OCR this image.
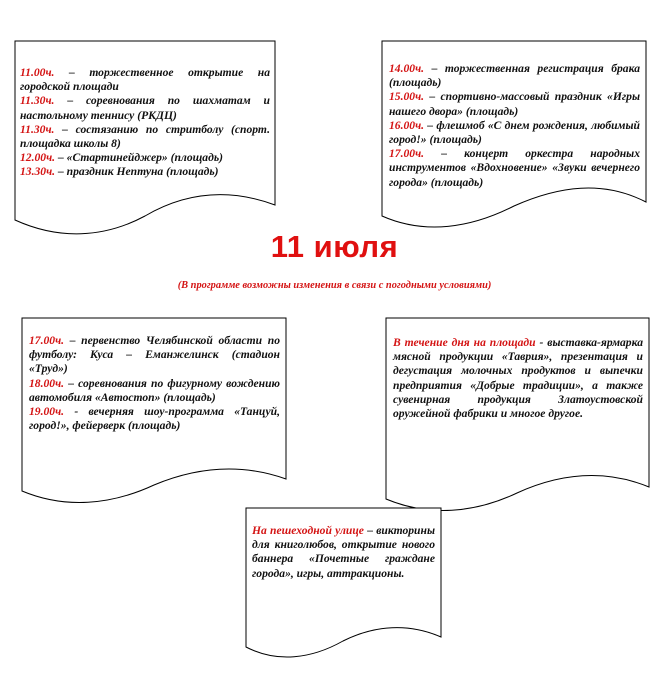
11.00ч. – торжественное открытие на городской площади
11.30ч. – соревнования по шахматам и настольному теннису (РКДЦ)
11.30ч. – состязанию по стритболу (спорт. площадка школы 8)
12.00ч. – «Стартинейджер» (площадь)
13.30ч. – праздник Нептуна (площадь)
14.00ч. – торжественная регистрация брака (площадь)
15.00ч. – спортивно-массовый праздник «Игры нашего двора» (площадь)
16.00ч. – флешмоб «С днем рождения, любимый город!» (площадь)
17.00ч. – концерт оркестра народных инструментов «Вдохновение» «Звуки вечернего города» (площадь)
11 июля
(В программе возможны изменения в связи с погодными условиями)
17.00ч. – первенство Челябинской области по футболу: Куса – Еманжелинск (стадион «Труд»)
18.00ч. – соревнования по фигурному вождению автомобиля «Автостоп» (площадь)
19.00ч. - вечерняя шоу-программа «Танцуй, город!», фейерверк (площадь)
В течение дня на площади - выставка-ярмарка мясной продукции «Таврия», презентация и дегустация молочных продуктов и выпечки предприятия «Добрые традиции», а также сувенирная продукция Златоустовской оружейной фабрики и многое другое.
На пешеходной улице – викторины для книголюбов, открытие нового баннера «Почетные граждане города», игры, аттракционы.
